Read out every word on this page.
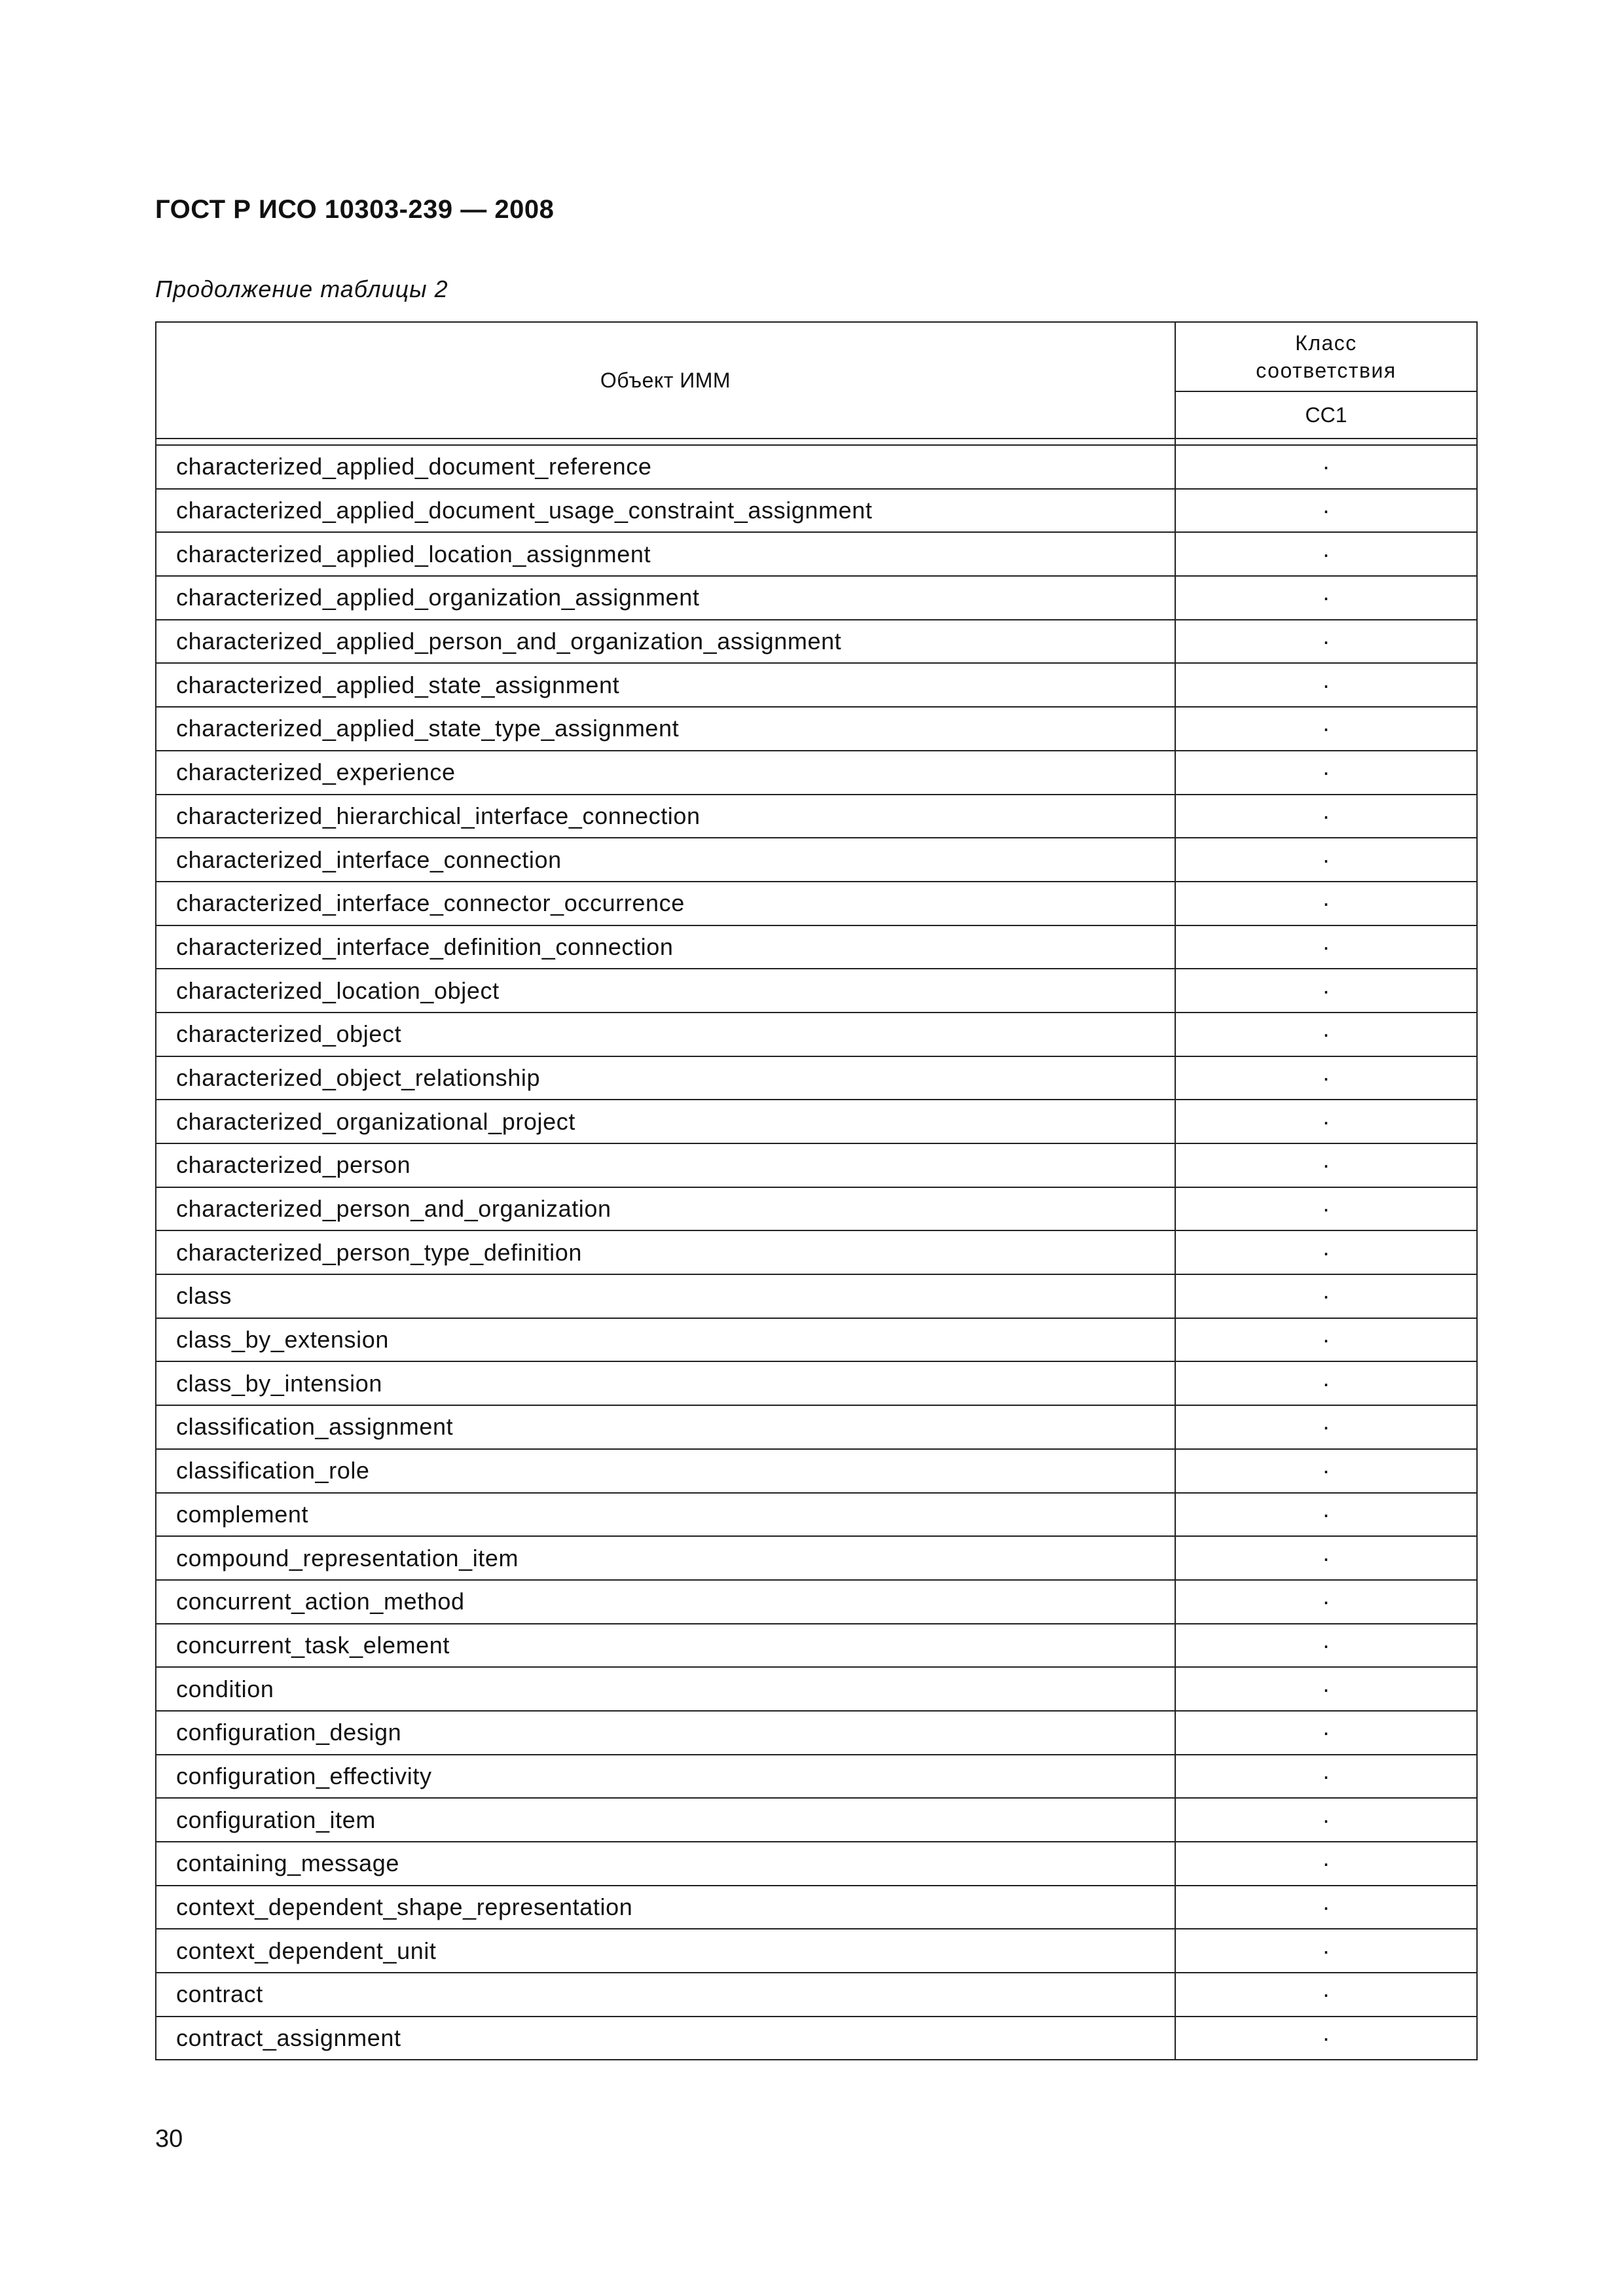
ГОСТ Р ИСО 10303-239 — 2008
Продолжение таблицы 2
Объект ИММ	Класс
соответствия

	CC1

characterized_applied_document_reference	·
characterized_applied_document_usage_constraint_assignment	·
characterized_applied_location_assignment	·
characterized_applied_organization_assignment	·
characterized_applied_person_and_organization_assignment	·
characterized_applied_state_assignment	·
characterized_applied_state_type_assignment	·
characterized_experience	·
characterized_hierarchical_interface_connection	·
characterized_interface_connection	·
characterized_interface_connector_occurrence	·
characterized_interface_definition_connection	·
characterized_location_object	·
characterized_object	·
characterized_object_relationship	·
characterized_organizational_project	·
characterized_person	·
characterized_person_and_organization	·
characterized_person_type_definition	·
class	·
class_by_extension	·
class_by_intension	·
classification_assignment	·
classification_role	·
complement	·
compound_representation_item	·
concurrent_action_method	·
concurrent_task_element	·
condition	·
configuration_design	·
configuration_effectivity	·
configuration_item	·
containing_message	·
context_dependent_shape_representation	·
context_dependent_unit	·
contract	·
contract_assignment	·
30
